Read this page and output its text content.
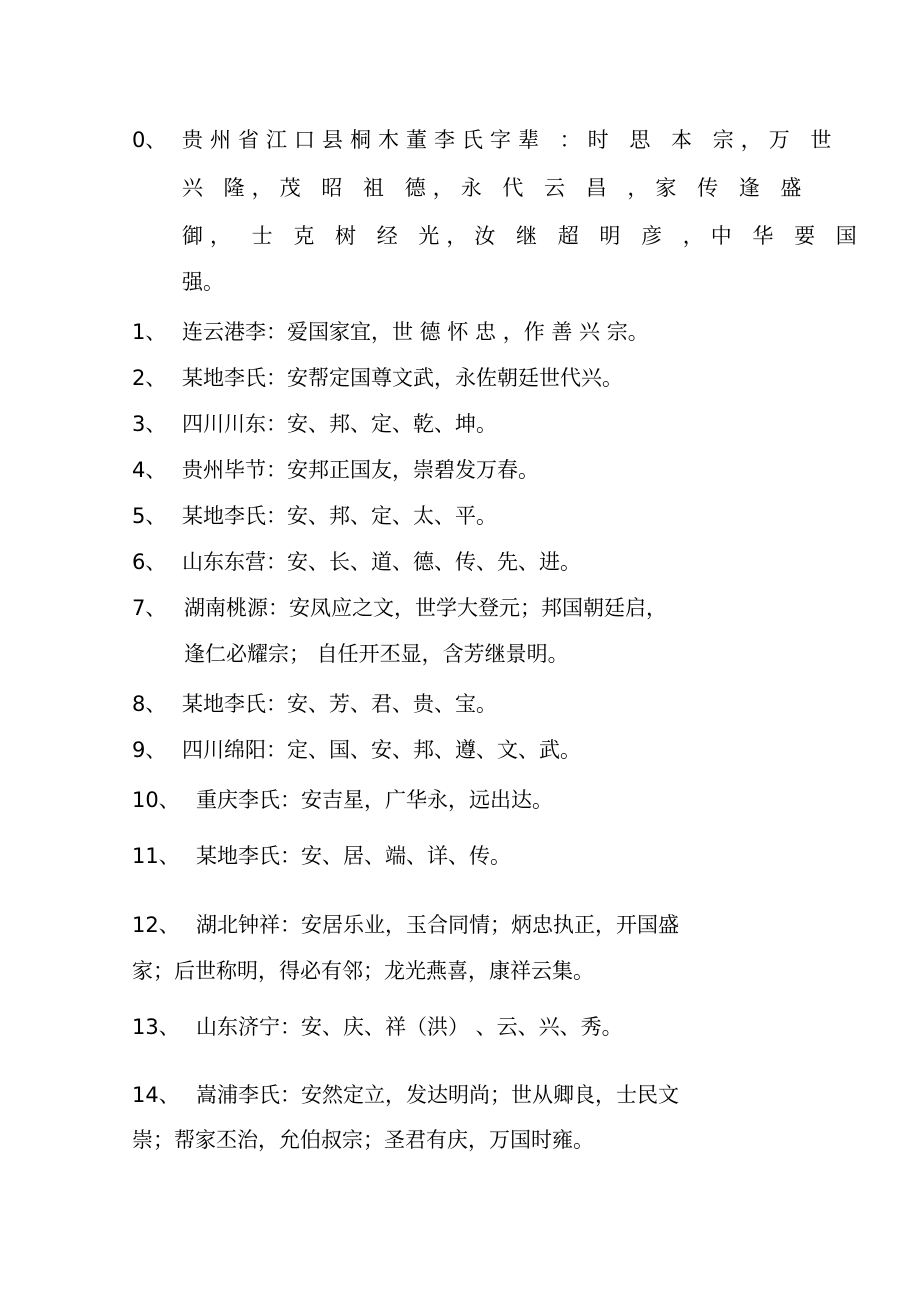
0、 贵州省江口县桐木董李氏字辈 ：时 思 本 宗，万 世
兴 隆，茂 昭 祖 德，永 代 云 昌 ，家 传 逢 盛
御， 士 克 树 经 光，汝 继 超 明 彦 ，中 华 要 国
强。
1、 连云港李：爱国家宜，世 德 怀 忠 ，作 善 兴 宗。
2、 某地李氏：安帮定国尊文武，永佐朝廷世代兴。
3、 四川川东：安、邦、定、乾、坤。
4、 贵州毕节：安邦正国友，崇碧发万春。
5、 某地李氏：安、邦、定、太、平。
6、 山东东营：安、长、道、德、传、先、进。
7、 湖南桃源：安凤应之文，世学大登元；邦国朝廷启，
逢仁必耀宗； 自任开丕显，含芳继景明。
8、 某地李氏：安、芳、君、贵、宝。
9、 四川绵阳：定、国、安、邦、遵、文、武。
10、 重庆李氏：安吉星，广华永，远出达。
11、 某地李氏：安、居、端、详、传。
12、 湖北钟祥：安居乐业，玉合同情；炳忠执正，开国盛
家；后世称明，得必有邻；龙光燕喜，康祥云集。
13、 山东济宁：安、庆、祥（洪） 、云、兴、秀。
14、 嵩浦李氏：安然定立，发达明尚；世从卿良，士民文
崇；帮家丕治，允伯叔宗；圣君有庆，万国时雍。
